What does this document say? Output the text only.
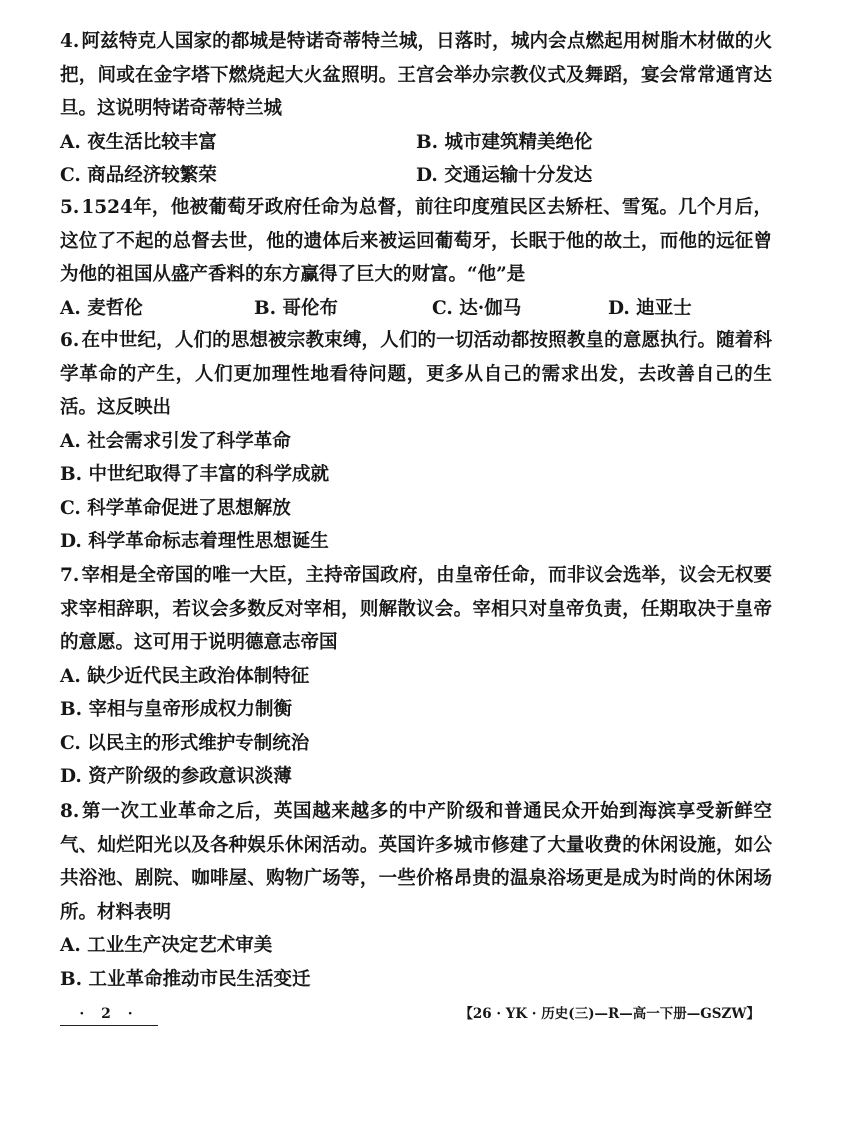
4. 阿兹特克人国家的都城是特诺奇蒂特兰城，日落时，城内会点燃起用树脂木材做的火把，间或在金字塔下燃烧起大火盆照明。王宫会举办宗教仪式及舞蹈，宴会常常通宵达旦。这说明特诺奇蒂特兰城

A. 夜生活比较丰富	B. 城市建筑精美绝伦
C. 商品经济较繁荣	D. 交通运输十分发达

5. 1524年，他被葡萄牙政府任命为总督，前往印度殖民区去矫枉、雪冤。几个月后，这位了不起的总督去世，他的遗体后来被运回葡萄牙，长眠于他的故土，而他的远征曾为他的祖国从盛产香料的东方赢得了巨大的财富。“他”是

A. 麦哲伦	B. 哥伦布	C. 达·伽马	D. 迪亚士

6. 在中世纪，人们的思想被宗教束缚，人们的一切活动都按照教皇的意愿执行。随着科学革命的产生，人们更加理性地看待问题，更多从自己的需求出发，去改善自己的生活。这反映出

A. 社会需求引发了科学革命
B. 中世纪取得了丰富的科学成就
C. 科学革命促进了思想解放
D. 科学革命标志着理性思想诞生

7. 宰相是全帝国的唯一大臣，主持帝国政府，由皇帝任命，而非议会选举，议会无权要求宰相辞职，若议会多数反对宰相，则解散议会。宰相只对皇帝负责，任期取决于皇帝的意愿。这可用于说明德意志帝国

A. 缺少近代民主政治体制特征
B. 宰相与皇帝形成权力制衡
C. 以民主的形式维护专制统治
D. 资产阶级的参政意识淡薄

8. 第一次工业革命之后，英国越来越多的中产阶级和普通民众开始到海滨享受新鲜空气、灿烂阳光以及各种娱乐休闲活动。英国许多城市修建了大量收费的休闲设施，如公共浴池、剧院、咖啡屋、购物广场等，一些价格昂贵的温泉浴场更是成为时尚的休闲场所。材料表明

A. 工业生产决定艺术审美
B. 工业革命推动市民生活变迁
· 2 ·	【26 · YK · 历史(三)—R—高一下册—GSZW】
